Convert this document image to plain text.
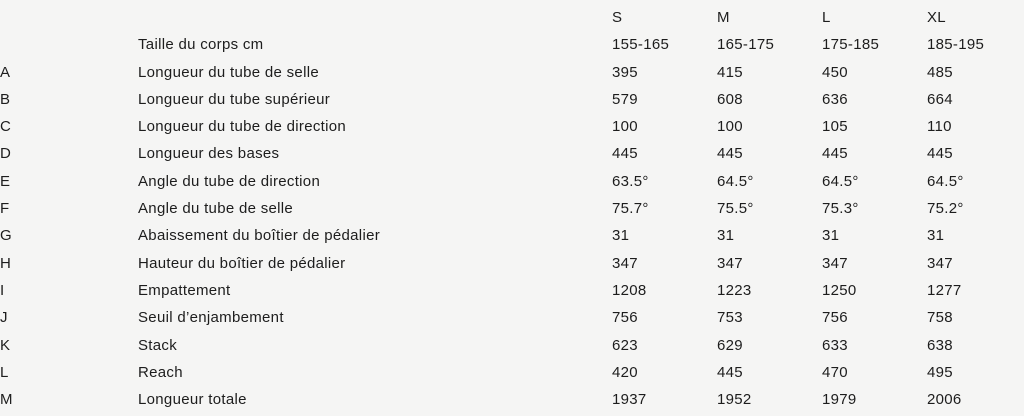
		S	M	L	XL
	Taille du corps cm	155-165	165-175	175-185	185-195
A	Longueur du tube de selle	395	415	450	485
B	Longueur du tube supérieur	579	608	636	664
C	Longueur du tube de direction	100	100	105	110
D	Longueur des bases	445	445	445	445
E	Angle du tube de direction	63.5°	64.5°	64.5°	64.5°
F	Angle du tube de selle	75.7°	75.5°	75.3°	75.2°
G	Abaissement du boîtier de pédalier	31	31	31	31
H	Hauteur du boîtier de pédalier	347	347	347	347
I	Empattement	1208	1223	1250	1277
J	Seuil d’enjambement	756	753	756	758
K	Stack	623	629	633	638
L	Reach	420	445	470	495
M	Longueur totale	1937	1952	1979	2006
